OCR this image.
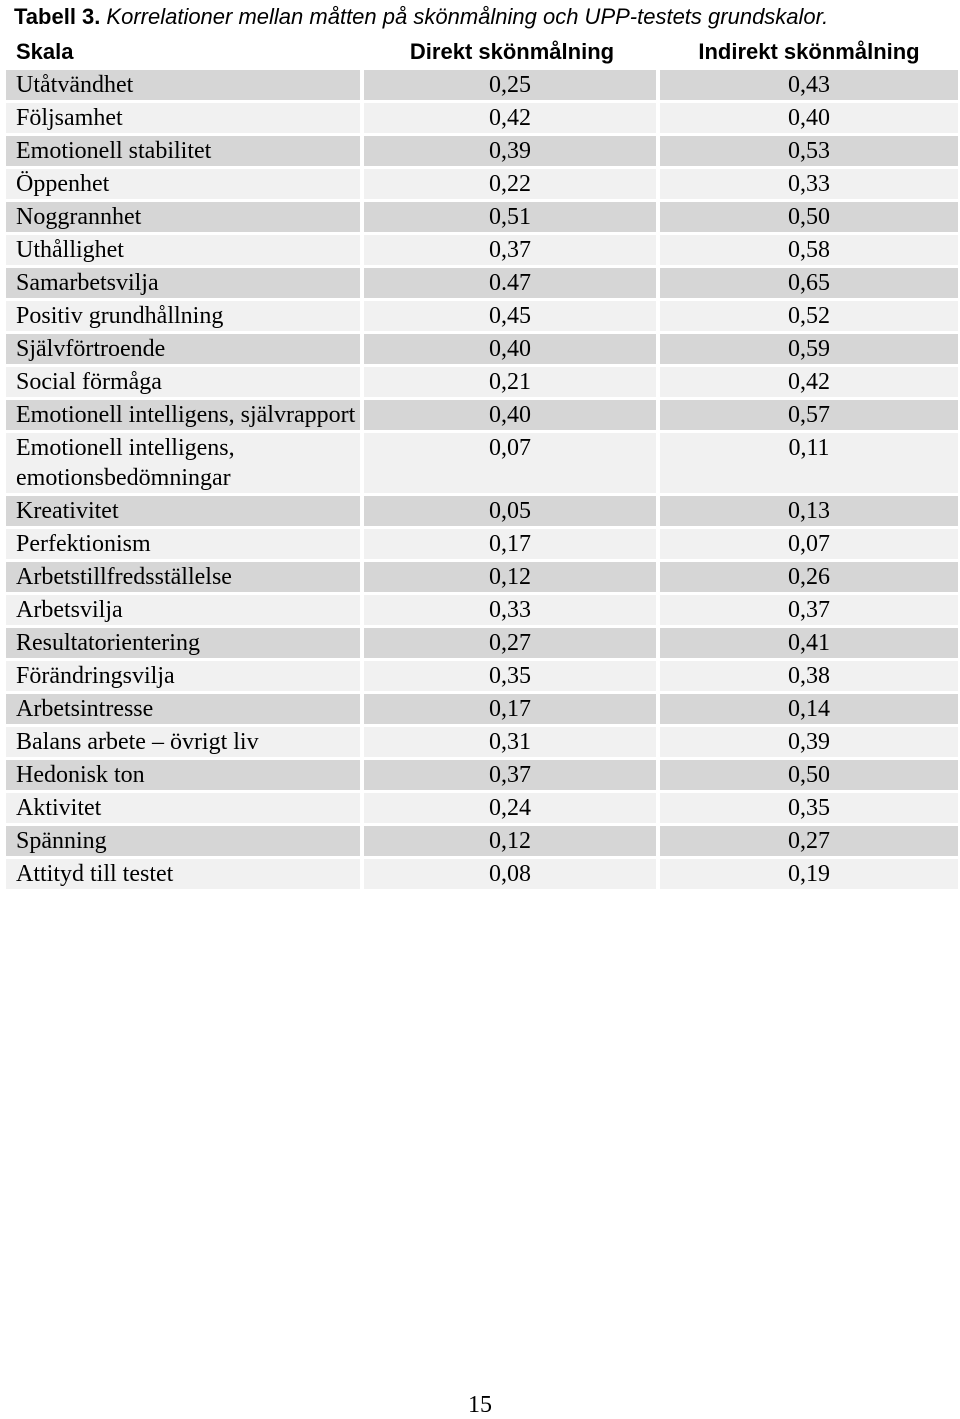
Tabell 3. Korrelationer mellan måtten på skönmålning och UPP-testets grundskalor.
Skala	Direkt skönmålning	Indirekt skönmålning
Utåtvändhet	0,25	0,43
Följsamhet	0,42	0,40
Emotionell stabilitet	0,39	0,53
Öppenhet	0,22	0,33
Noggrannhet	0,51	0,50
Uthållighet	0,37	0,58
Samarbetsvilja	0.47	0,65
Positiv grundhållning	0,45	0,52
Självförtroende	0,40	0,59
Social förmåga	0,21	0,42
Emotionell intelligens, självrapport	0,40	0,57
Emotionell intelligens, emotionsbedömningar	0,07	0,11
Kreativitet	0,05	0,13
Perfektionism	0,17	0,07
Arbetstillfredsställelse	0,12	0,26
Arbetsvilja	0,33	0,37
Resultatorientering	0,27	0,41
Förändringsvilja	0,35	0,38
Arbetsintresse	0,17	0,14
Balans arbete – övrigt liv	0,31	0,39
Hedonisk ton	0,37	0,50
Aktivitet	0,24	0,35
Spänning	0,12	0,27
Attityd till testet	0,08	0,19
15
